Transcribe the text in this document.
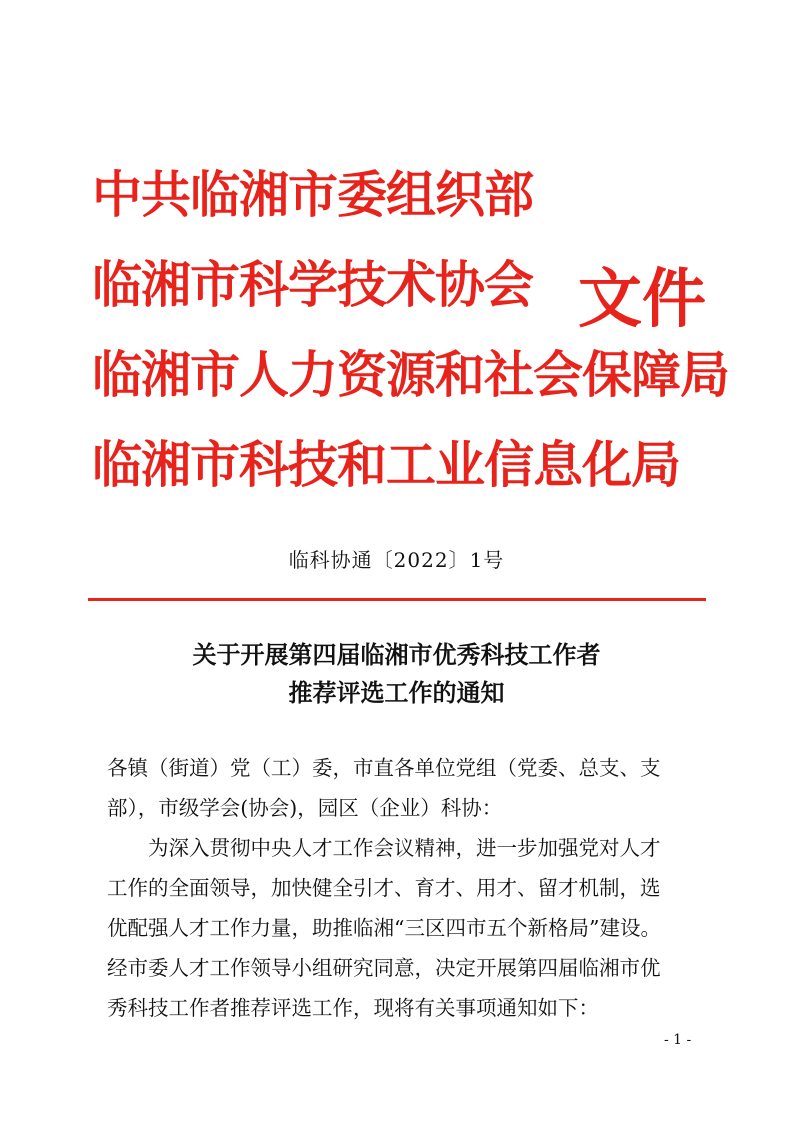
中共临湘市委组织部
临湘市科学技术协会
临湘市人力资源和社会保障局
临湘市科技和工业信息化局
文件
临科协通〔2022〕1号
关于开展第四届临湘市优秀科技工作者
推荐评选工作的通知

各镇（街道）党（工）委，市直各单位党组（党委、总支、支

部），市级学会(协会)，园区（企业）科协：

为深入贯彻中央人才工作会议精神，进一步加强党对人才

工作的全面领导，加快健全引才、育才、用才、留才机制，选

优配强人才工作力量，助推临湘“三区四市五个新格局”建设。

经市委人才工作领导小组研究同意，决定开展第四届临湘市优

秀科技工作者推荐评选工作，现将有关事项通知如下：

- 1 -
